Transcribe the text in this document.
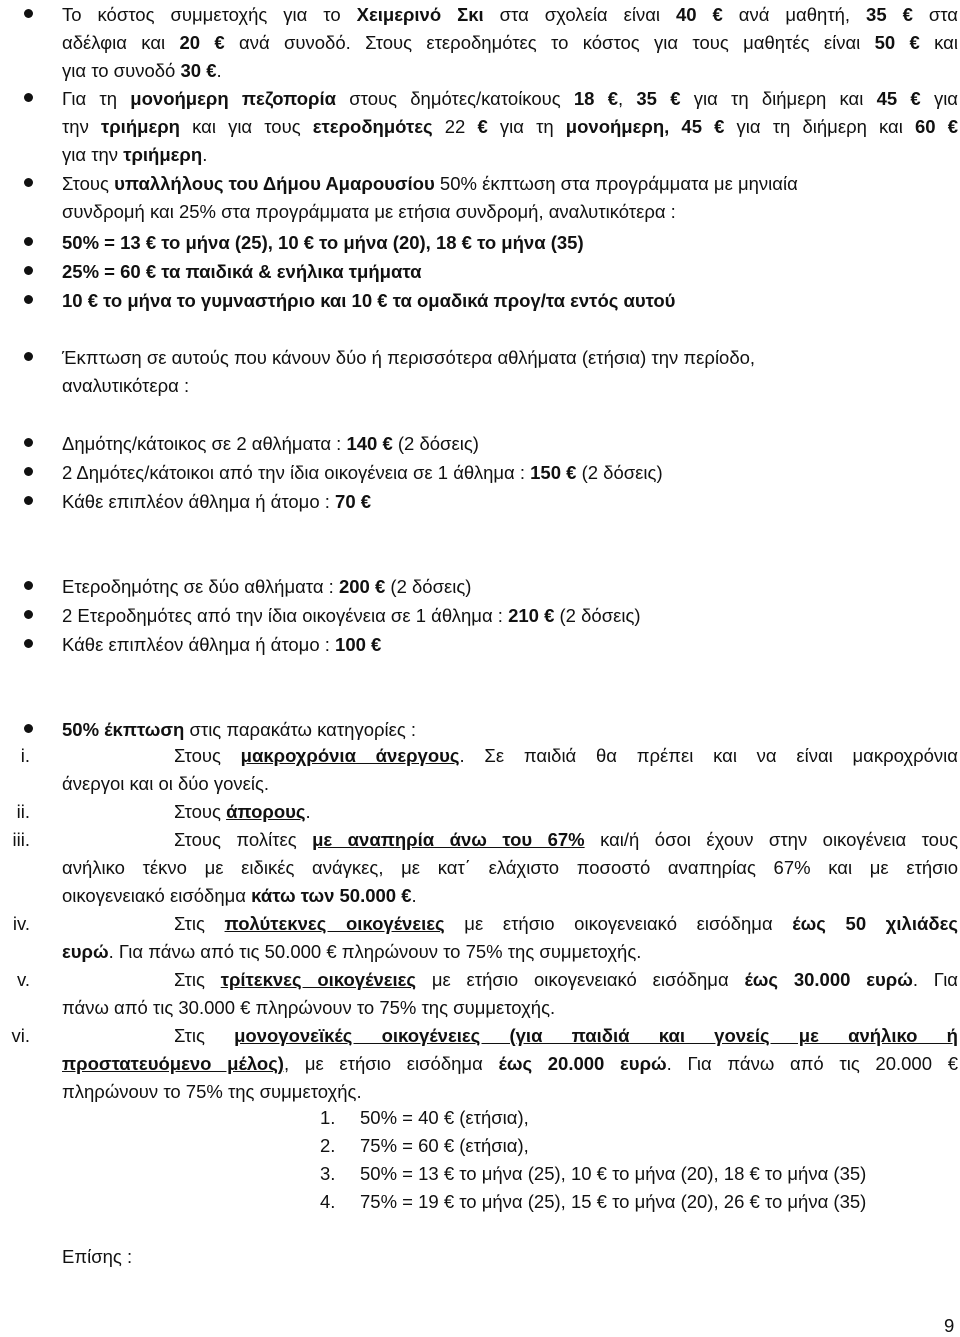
Το κόστος συμμετοχής για το Χειμερινό Σκι στα σχολεία είναι 40 € ανά μαθητή, 35 € στα
αδέλφια και 20 € ανά συνοδό. Στους ετεροδημότες το κόστος για τους μαθητές είναι 50 € και
για το συνοδό 30 €.
Για τη μονοήμερη πεζοπορία στους δημότες/κατοίκους 18 €, 35 € για τη διήμερη και 45 € για
την τριήμερη και για τους ετεροδημότες 22 € για τη μονοήμερη, 45 € για τη διήμερη και 60 €
για την τριήμερη.
Στους υπαλλήλους του Δήμου Αμαρουσίου 50% έκπτωση στα προγράμματα με μηνιαία
συνδρομή και 25% στα προγράμματα με ετήσια συνδρομή, αναλυτικότερα :
50% = 13 € το μήνα (25), 10 € το μήνα (20), 18 € το μήνα (35)
25% = 60 € τα παιδικά & ενήλικα τμήματα
10 € το μήνα το γυμναστήριο και 10 € τα ομαδικά προγ/τα εντός αυτού
Έκπτωση σε αυτούς που κάνουν δύο ή περισσότερα αθλήματα (ετήσια) την περίοδο,
αναλυτικότερα :
Δημότης/κάτοικος σε 2 αθλήματα : 140 € (2 δόσεις)
2 Δημότες/κάτοικοι από την ίδια οικογένεια σε 1 άθλημα : 150 € (2 δόσεις)
Κάθε επιπλέον άθλημα ή άτομο : 70 €
Ετεροδημότης σε δύο αθλήματα : 200 € (2 δόσεις)
2 Ετεροδημότες από την ίδια οικογένεια σε 1 άθλημα : 210 € (2 δόσεις)
Κάθε επιπλέον άθλημα ή άτομο : 100 €
50% έκπτωση στις παρακάτω κατηγορίες :
i.	Στους μακροχρόνια άνεργους. Σε παιδιά θα πρέπει και να είναι μακροχρόνια
άνεργοι και οι δύο γονείς.
ii.	Στους άπορους.
iii.	Στους πολίτες με αναπηρία άνω του 67% και/ή όσοι έχουν στην οικογένεια τους
ανήλικο τέκνο με ειδικές ανάγκες, με κατ΄ ελάχιστο ποσοστό αναπηρίας 67% και με ετήσιο
οικογενειακό εισόδημα κάτω των 50.000 €.
iv.	Στις πολύτεκνες οικογένειες με ετήσιο οικογενειακό εισόδημα έως 50 χιλιάδες
ευρώ. Για πάνω από τις 50.000 € πληρώνουν το 75% της συμμετοχής.
v.	Στις τρίτεκνες οικογένειες με ετήσιο οικογενειακό εισόδημα έως 30.000 ευρώ. Για
πάνω από τις 30.000 € πληρώνουν το 75% της συμμετοχής.
vi.	Στις μονογονεϊκές οικογένειες (για παιδιά και γονείς με ανήλικο ή
προστατευόμενο μέλος), με ετήσιο εισόδημα έως 20.000 ευρώ. Για πάνω από τις 20.000 €
πληρώνουν το 75% της συμμετοχής.
1. 50% = 40 € (ετήσια),
2. 75% = 60 € (ετήσια),
3. 50% = 13 € το μήνα (25), 10 € το μήνα (20), 18 € το μήνα (35)
4. 75% = 19 € το μήνα (25), 15 € το μήνα (20), 26 € το μήνα (35)
Επίσης :
9
